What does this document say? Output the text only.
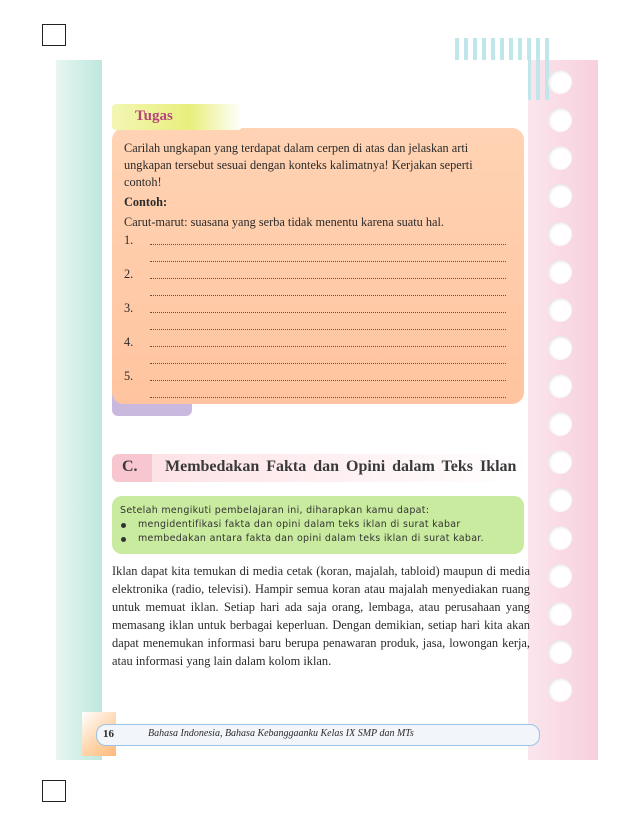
Tugas
Carilah ungkapan yang terdapat dalam cerpen di atas dan jelaskan arti
ungkapan tersebut sesuai dengan konteks kalimatnya! Kerjakan seperti
contoh!
Contoh:
Carut-marut: suasana yang serba tidak menentu karena suatu hal.
1.
2.
3.
4.
5.
C. Membedakan Fakta dan Opini dalam Teks Iklan
Setelah mengikuti pembelajaran ini, diharapkan kamu dapat:
mengidentifikasi fakta dan opini dalam teks iklan di surat kabar
membedakan antara fakta dan opini dalam teks iklan di surat kabar.
Iklan dapat kita temukan di media cetak (koran, majalah, tabloid) maupun di media elektronika (radio, televisi). Hampir semua koran atau majalah menyediakan ruang untuk memuat iklan. Setiap hari ada saja orang, lembaga, atau perusahaan yang memasang iklan untuk berbagai keperluan. Dengan demikian, setiap hari kita akan dapat menemukan informasi baru berupa penawaran produk, jasa, lowongan kerja, atau informasi yang lain dalam kolom iklan.
16	Bahasa Indonesia, Bahasa Kebanggaanku Kelas IX SMP dan MTs
